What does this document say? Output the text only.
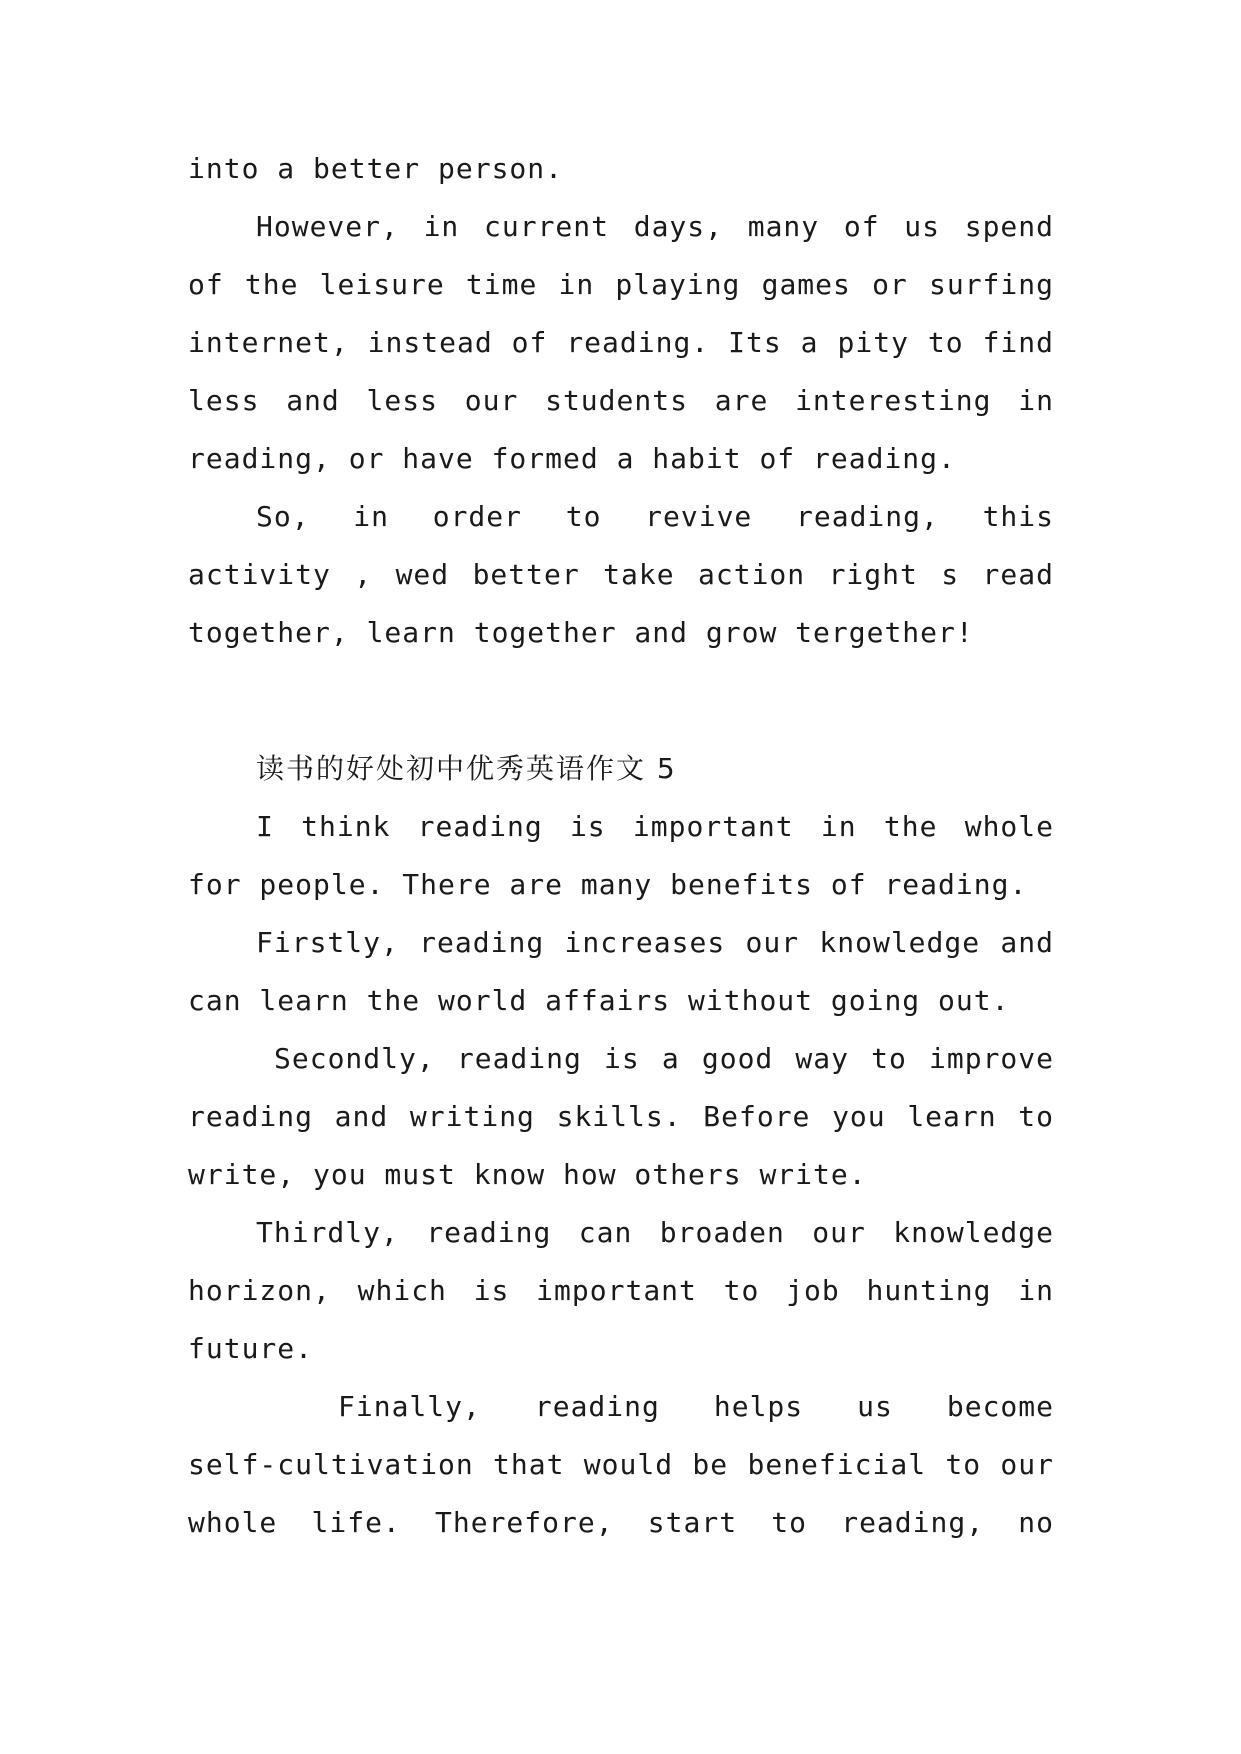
into a better person.
However, in current days, many of us spend
of the leisure time in playing games or surfing
internet, instead of reading. Its a pity to find
less and less our students are interesting in
reading, or have formed a habit of reading.
So, in order to revive reading, this
activity , wed better take action right s read
together, learn together and grow tergether!
读书的好处初中优秀英语作文 5
I think reading is important in the whole
for people. There are many benefits of reading.
Firstly, reading increases our knowledge and
can learn the world affairs without going out.
Secondly, reading is a good way to improve
reading and writing skills. Before you learn to
write, you must know how others write.
Thirdly, reading can broaden our knowledge
horizon, which is important to job hunting in
future.
Finally, reading helps us become
self-cultivation that would be beneficial to our
whole life. Therefore, start to reading, no
